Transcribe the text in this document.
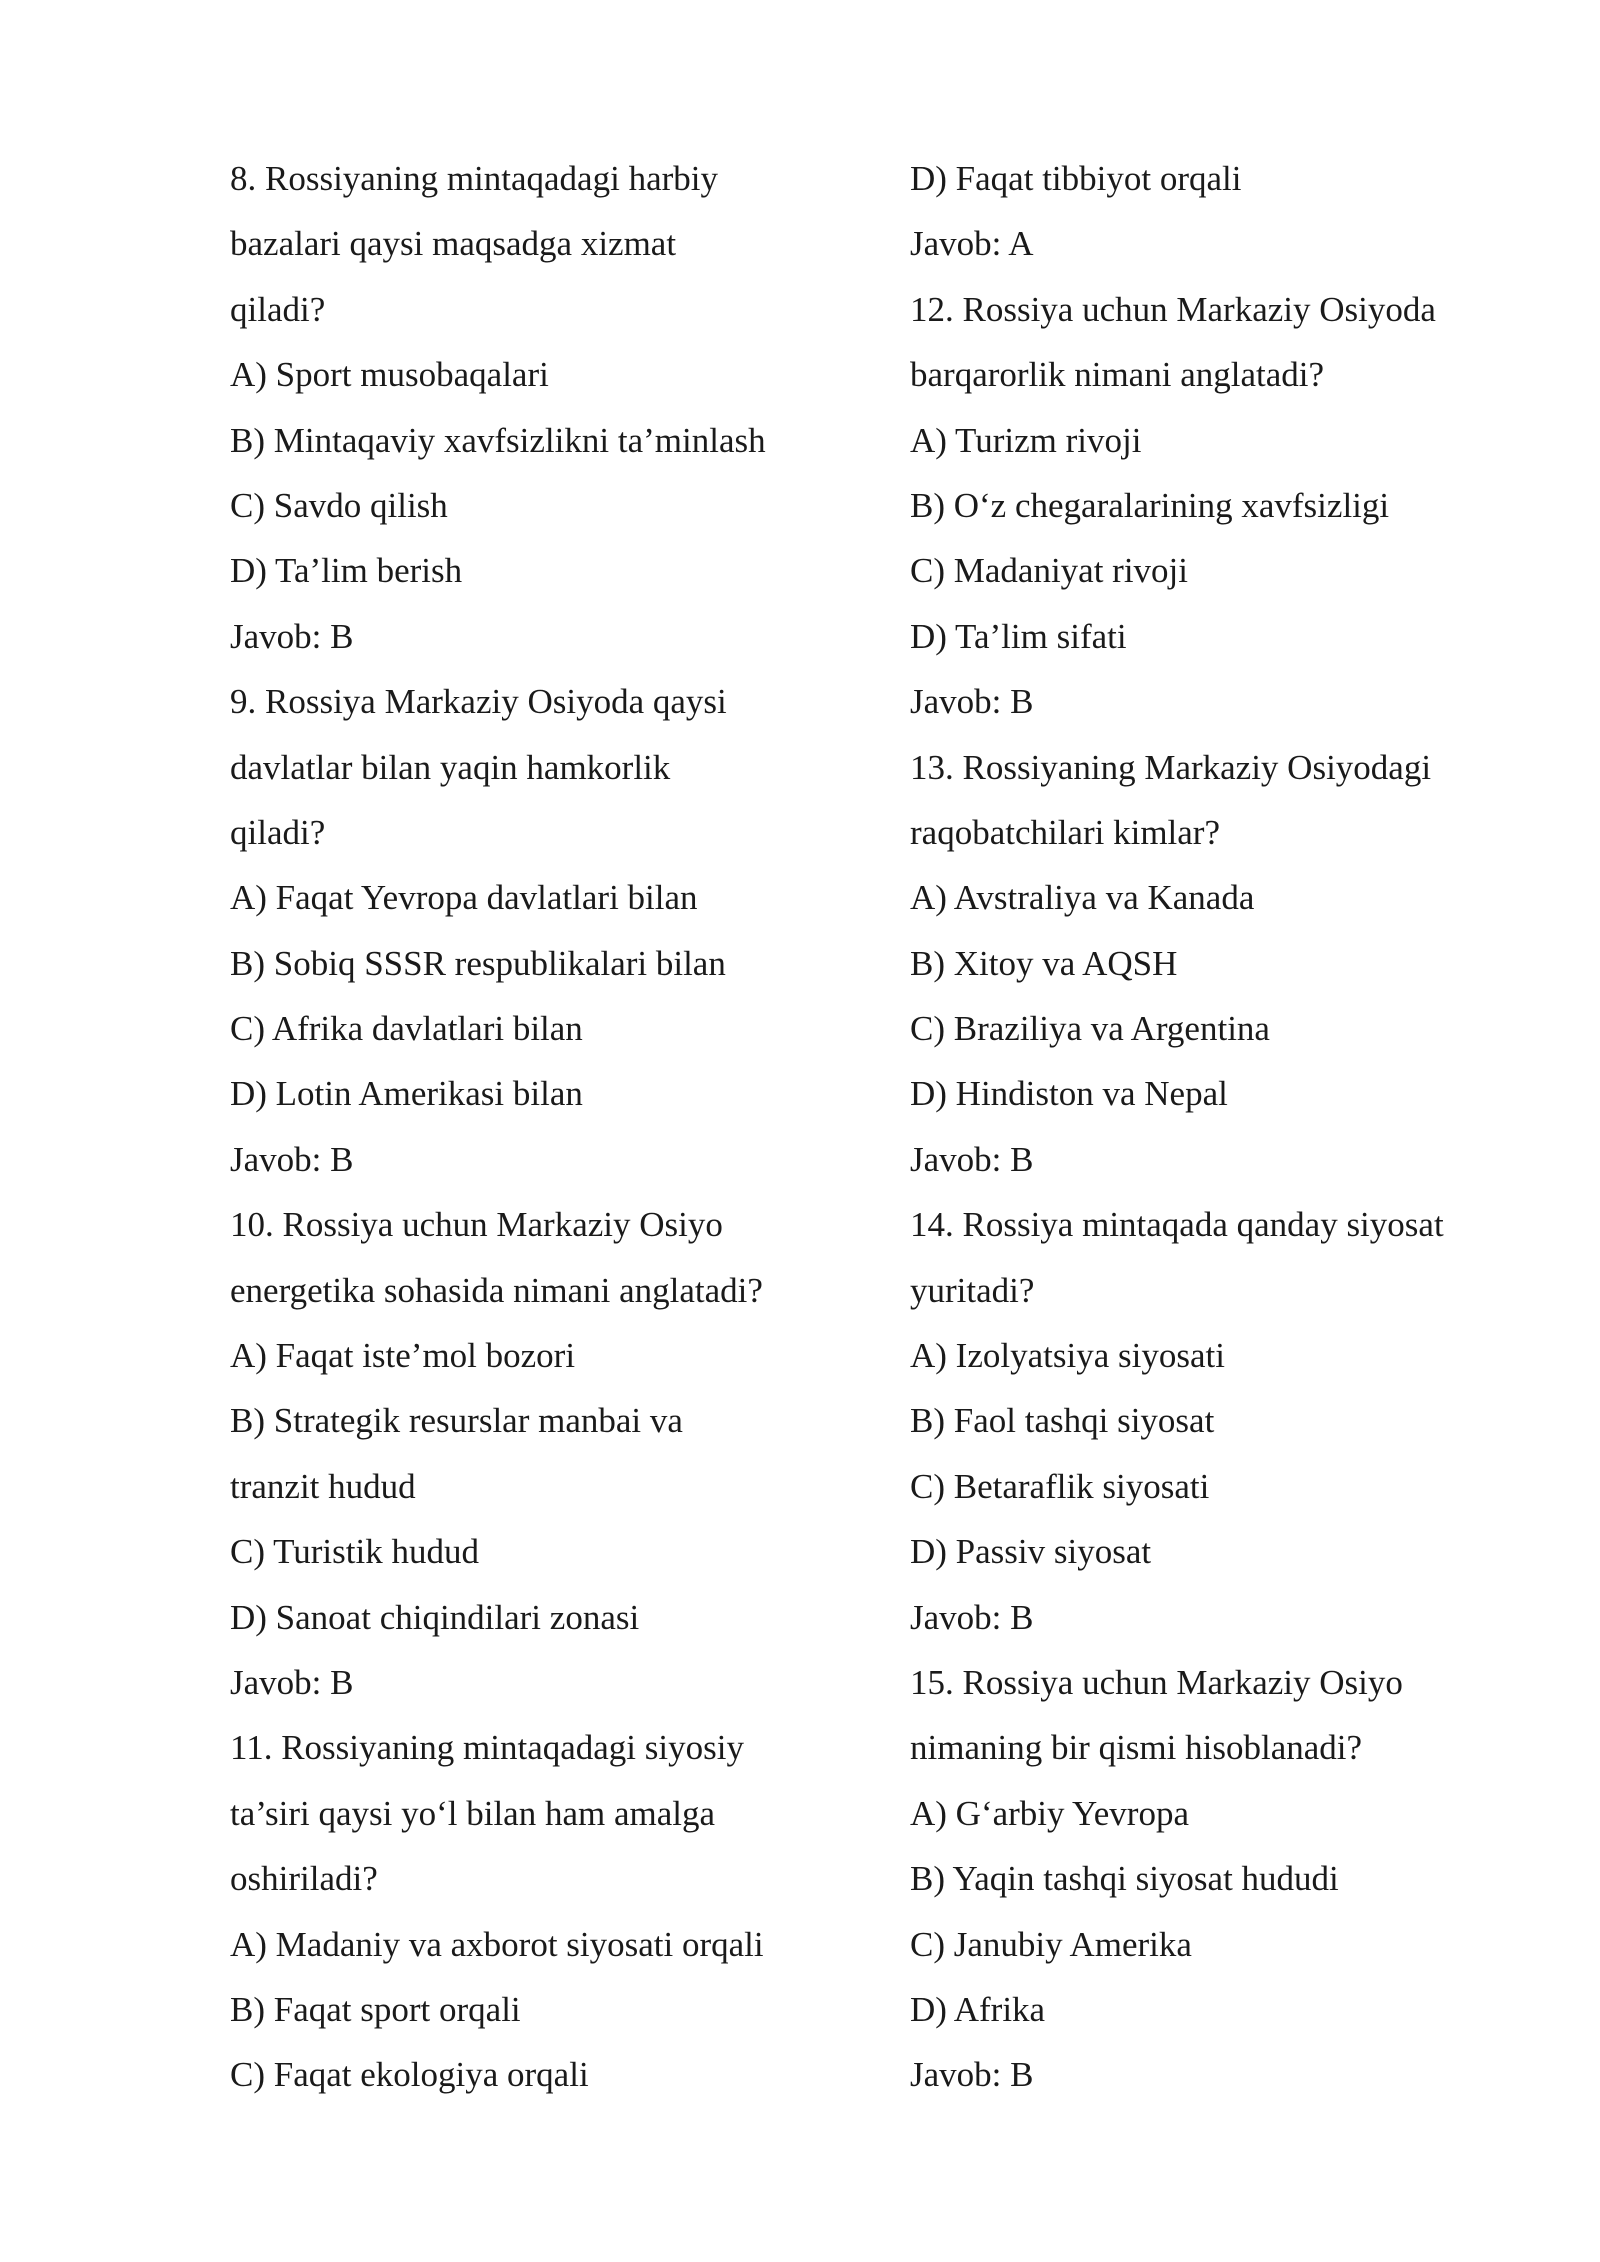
8. Rossiyaning mintaqadagi harbiy
bazalari qaysi maqsadga xizmat
qiladi?
A) Sport musobaqalari
B) Mintaqaviy xavfsizlikni ta’minlash
C) Savdo qilish
D) Ta’lim berish
Javob: B
9. Rossiya Markaziy Osiyoda qaysi
davlatlar bilan yaqin hamkorlik
qiladi?
A) Faqat Yevropa davlatlari bilan
B) Sobiq SSSR respublikalari bilan
C) Afrika davlatlari bilan
D) Lotin Amerikasi bilan
Javob: B
10. Rossiya uchun Markaziy Osiyo
energetika sohasida nimani anglatadi?
A) Faqat iste’mol bozori
B) Strategik resurslar manbai va
tranzit hudud
C) Turistik hudud
D) Sanoat chiqindilari zonasi
Javob: B
11. Rossiyaning mintaqadagi siyosiy
ta’siri qaysi yo‘l bilan ham amalga
oshiriladi?
A) Madaniy va axborot siyosati orqali
B) Faqat sport orqali
C) Faqat ekologiya orqali
D) Faqat tibbiyot orqali
Javob: A
12. Rossiya uchun Markaziy Osiyoda
barqarorlik nimani anglatadi?
A) Turizm rivoji
B) O‘z chegaralarining xavfsizligi
C) Madaniyat rivoji
D) Ta’lim sifati
Javob: B
13. Rossiyaning Markaziy Osiyodagi
raqobatchilari kimlar?
A) Avstraliya va Kanada
B) Xitoy va AQSH
C) Braziliya va Argentina
D) Hindiston va Nepal
Javob: B
14. Rossiya mintaqada qanday siyosat
yuritadi?
A) Izolyatsiya siyosati
B) Faol tashqi siyosat
C) Betaraflik siyosati
D) Passiv siyosat
Javob: B
15. Rossiya uchun Markaziy Osiyo
nimaning bir qismi hisoblanadi?
A) G‘arbiy Yevropa
B) Yaqin tashqi siyosat hududi
C) Janubiy Amerika
D) Afrika
Javob: B
